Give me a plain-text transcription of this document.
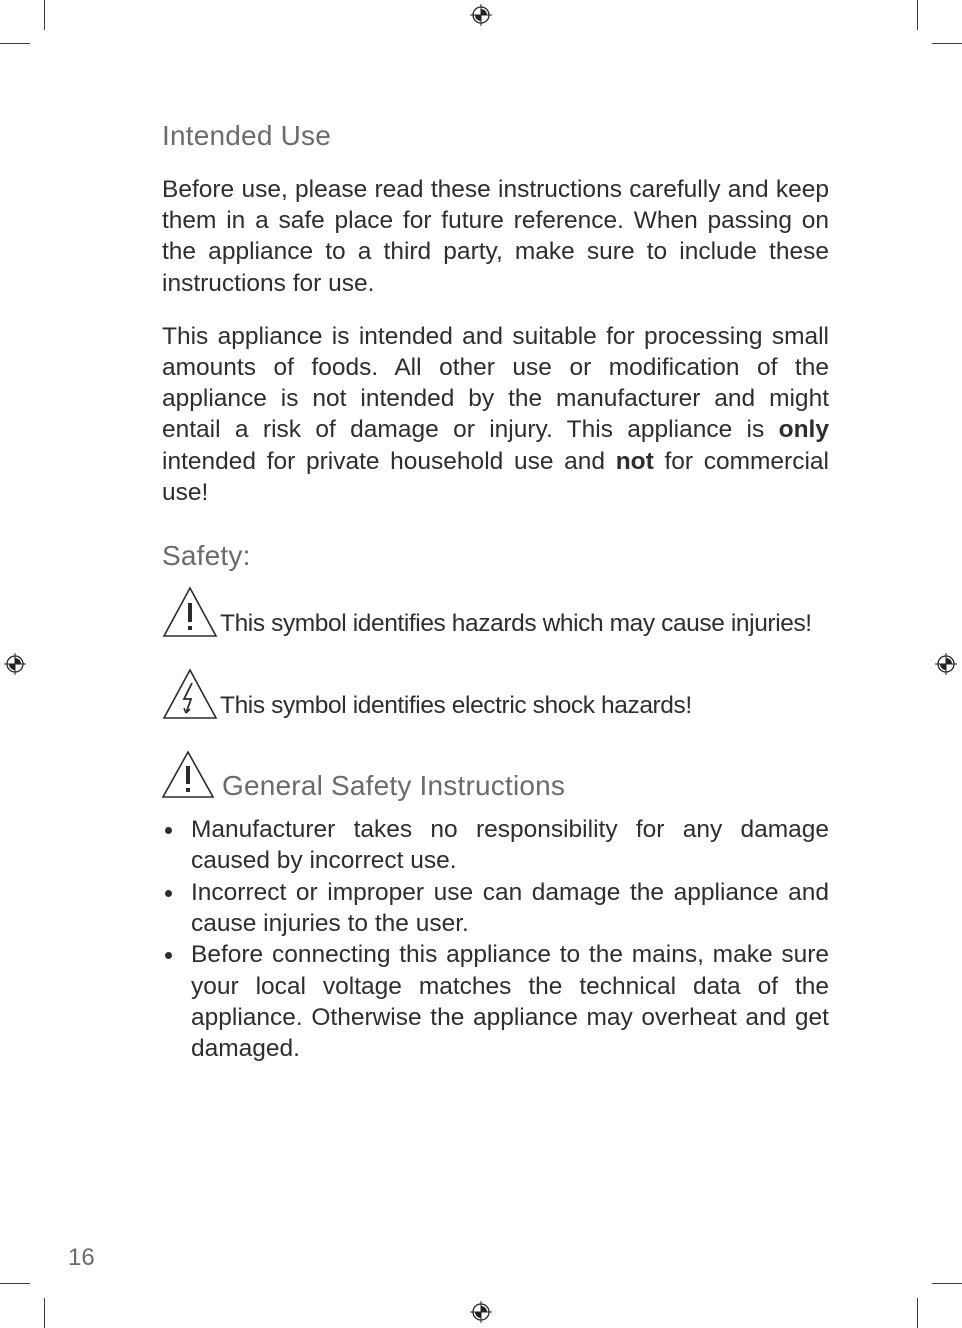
Intended Use

Before use, please read these instructions carefully and keep them in a safe place for future reference. When passing on the appliance to a third party, make sure to include these instructions for use.

This appliance is intended and suitable for processing small amounts of foods. All other use or modification of the appliance is not intended by the manufacturer and might entail a risk of damage or injury. This appliance is only intended for private household use and not for commercial use!

Safety:
This symbol identifies hazards which may cause injuries!
This symbol identifies electric shock hazards!
General Safety Instructions
Manufacturer takes no responsibility for any damage caused by incorrect use.
Incorrect or improper use can damage the appliance and cause injuries to the user.
Before connecting this appliance to the mains, make sure your local voltage matches the technical data of the appliance. Otherwise the appliance may overheat and get damaged.
16
